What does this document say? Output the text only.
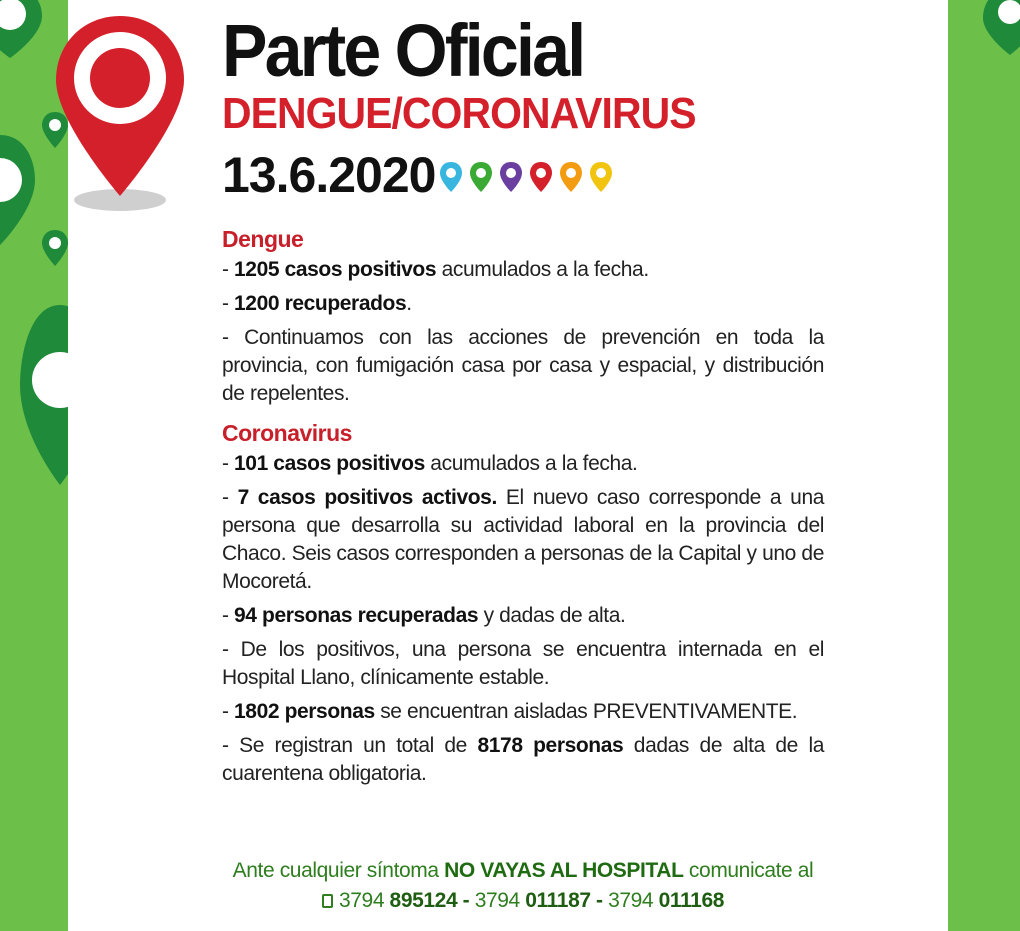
Parte Oficial
DENGUE/CORONAVIRUS
13.6.2020
Dengue
- 1205 casos positivos acumulados a la fecha.
- 1200 recuperados.
- Continuamos con las acciones de prevención en toda la provincia, con fumigación casa por casa y espacial, y distribución de repelentes.
Coronavirus
- 101 casos positivos acumulados a la fecha.
- 7 casos positivos activos. El nuevo caso corresponde a una persona que desarrolla su actividad laboral en la provincia del Chaco. Seis casos corresponden a personas de la Capital y uno de Mocoretá.
- 94 personas recuperadas y dadas de alta.
- De los positivos, una persona se encuentra internada en el Hospital Llano, clínicamente estable.
- 1802 personas se encuentran aisladas PREVENTIVAMENTE.
- Se registran un total de 8178 personas dadas de alta de la cuarentena obligatoria.
Ante cualquier síntoma NO VAYAS AL HOSPITAL comunicate al
3794 895124 - 3794 011187 - 3794 011168
